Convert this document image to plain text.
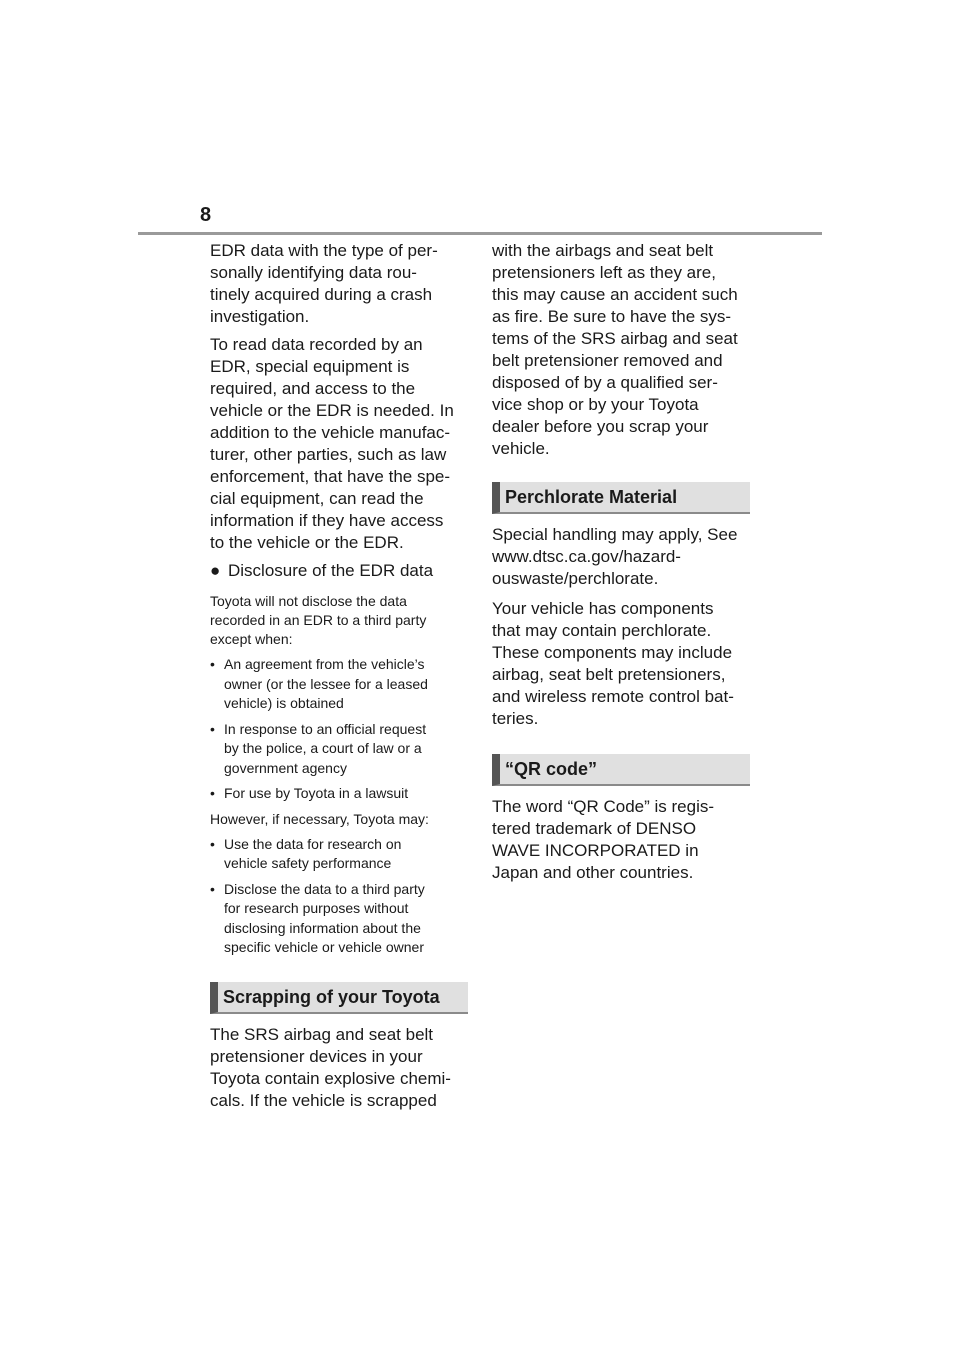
8

EDR data with the type of per-
sonally identifying data rou-
tinely acquired during a crash
investigation.

To read data recorded by an
EDR, special equipment is
required, and access to the
vehicle or the EDR is needed. In
addition to the vehicle manufac-
turer, other parties, such as law
enforcement, that have the spe-
cial equipment, can read the
information if they have access
to the vehicle or the EDR.

● Disclosure of the EDR data

Toyota will not disclose the data
recorded in an EDR to a third party
except when:

• An agreement from the vehicle’s
owner (or the lessee for a leased
vehicle) is obtained
• In response to an official request
by the police, a court of law or a
government agency
• For use by Toyota in a lawsuit

However, if necessary, Toyota may:

• Use the data for research on
vehicle safety performance
• Disclose the data to a third party
for research purposes without
disclosing information about the
specific vehicle or vehicle owner
Scrapping of your Toyota

The SRS airbag and seat belt
pretensioner devices in your
Toyota contain explosive chemi-
cals. If the vehicle is scrapped

with the airbags and seat belt
pretensioners left as they are,
this may cause an accident such
as fire. Be sure to have the sys-
tems of the SRS airbag and seat
belt pretensioner removed and
disposed of by a qualified ser-
vice shop or by your Toyota
dealer before you scrap your
vehicle.

Perchlorate Material

Special handling may apply, See
www.dtsc.ca.gov/hazard-
ouswaste/perchlorate.

Your vehicle has components
that may contain perchlorate.
These components may include
airbag, seat belt pretensioners,
and wireless remote control bat-
teries.

“QR code”

The word “QR Code” is regis-
tered trademark of DENSO
WAVE INCORPORATED in
Japan and other countries.
